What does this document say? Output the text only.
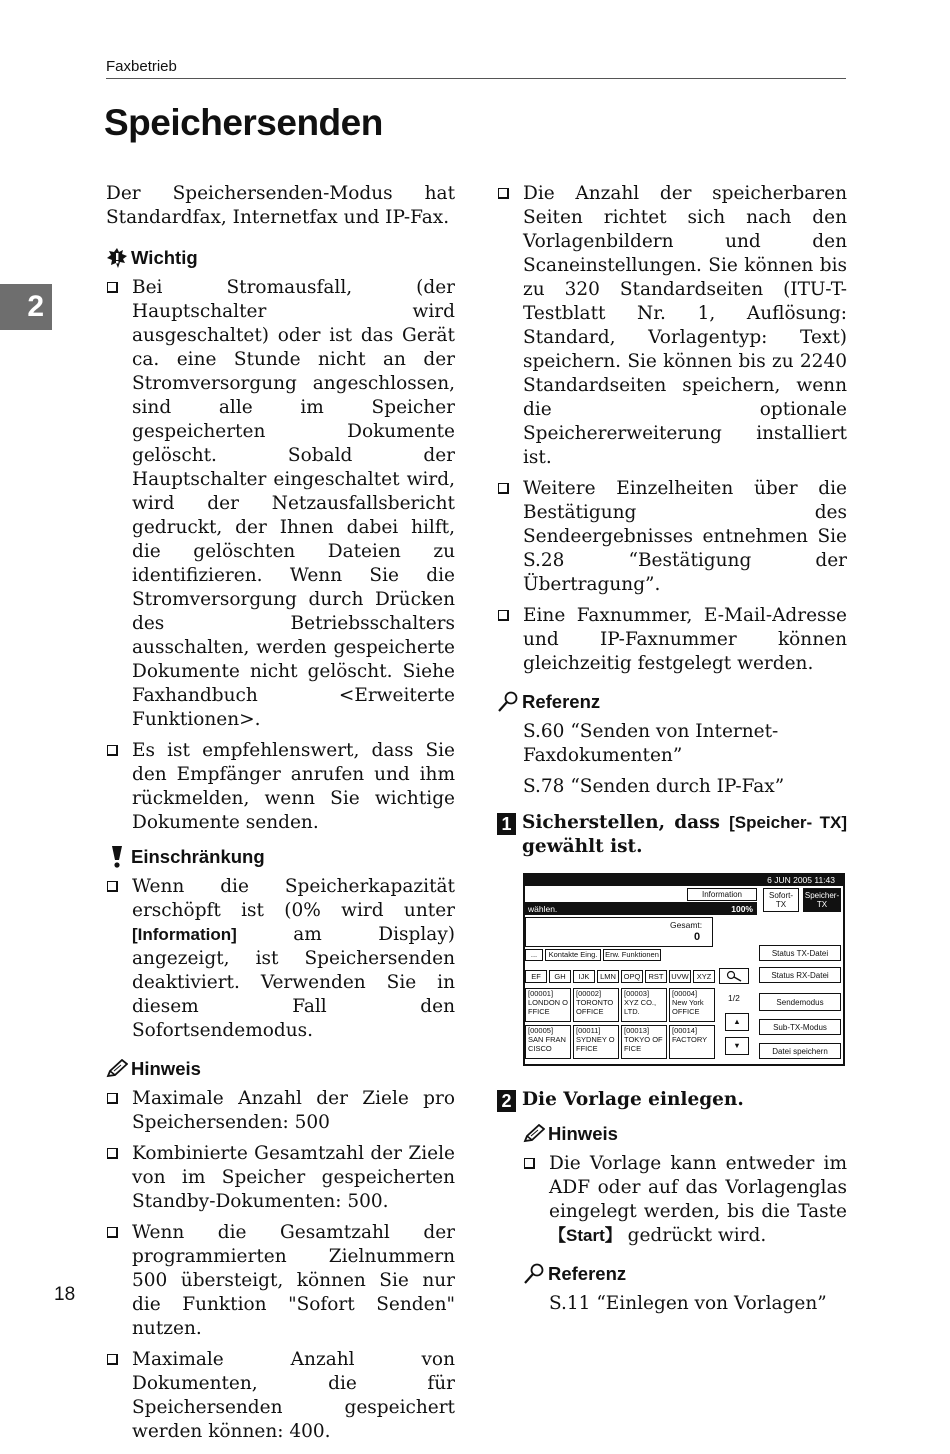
Faxbetrieb
Speichersenden
2

Der Speichersenden-Modus hat Standardfax, Internetfax und IP-Fax.

Wichtig
Bei Stromausfall, (der Hauptschalter wird ausgeschaltet) oder ist das Gerät ca. eine Stunde nicht an der Stromversorgung angeschlossen, sind alle im Speicher gespeicherten Dokumente gelöscht. Sobald der Hauptschalter eingeschaltet wird, wird der Netzausfallsbericht gedruckt, der Ihnen dabei hilft, die gelöschten Dateien zu identifizieren. Wenn Sie die Stromversorgung durch Drücken des Betriebsschalters ausschalten, werden gespeicherte Dokumente nicht gelöscht. Siehe Faxhandbuch <Erweiterte Funktionen>.
Es ist empfehlenswert, dass Sie den Empfänger anrufen und ihm rückmelden, wenn Sie wichtige Dokumente senden.
Einschränkung
Wenn die Speicherkapazität erschöpft ist (0% wird unter [Information] am Display) angezeigt, ist Speichersenden deaktiviert. Verwenden Sie in diesem Fall den Sofortsendemodus.
Hinweis
Maximale Anzahl der Ziele pro Speichersenden: 500
Kombinierte Gesamtzahl der Ziele von im Speicher gespeicherten Standby-Dokumenten: 500.
Wenn die Gesamtzahl der programmierten Zielnummern 500 übersteigt, können Sie nur die Funktion "Sofort Senden" nutzen.
Maximale Anzahl von Dokumenten, die für Speichersenden gespeichert werden können: 400.
Die Anzahl der speicherbaren Seiten richtet sich nach den Vorlagenbildern und den Scaneinstellungen. Sie können bis zu 320 Standardseiten (ITU-T-Testblatt Nr. 1, Auflösung: Standard, Vorlagentyp: Text) speichern. Sie können bis zu 2240 Standardseiten speichern, wenn die optionale Speichererweiterung installiert ist.
Weitere Einzelheiten über die Bestätigung des Sendeergebnisses entnehmen Sie S.28 “Bestätigung der Übertragung”.
Eine Faxnummer, E-Mail-Adresse und IP-Faxnummer können gleichzeitig festgelegt werden.
Referenz

S.60 “Senden von Internet-Faxdokumenten”

S.78 “Senden durch IP-Fax”

1 Sicherstellen, dass [Speicher- TX] gewählt ist.
6 JUN 2005 11:43
Information
wählen.	100%
Sofort-
TX
Speicher-
TX
Gesamt:
0
...	Kontakte Eing.	Erw. Funktionen
EF	GH	IJK	LMN	OPQ	RST	UVW	XYZ
[00001]
LONDON O
FFICE
[00002]
TORONTO
OFFICE
[00003]
XYZ CO.,
LTD.
[00004]
New York
OFFICE
[00005]
SAN FRAN
CISCO
[00011]
SYDNEY O
FFICE
[00013]
TOKYO OF
FICE
[00014]
FACTORY
1/2
▲
▼
Status TX-Datei
Status RX-Datei
Sendemodus
Sub-TX-Modus
Datei speichern
2 Die Vorlage einlegen.
Hinweis
Die Vorlage kann entweder im ADF oder auf das Vorlagenglas eingelegt werden, bis die Taste 【Start】 gedrückt wird.
Referenz

S.11 “Einlegen von Vorlagen”

18
